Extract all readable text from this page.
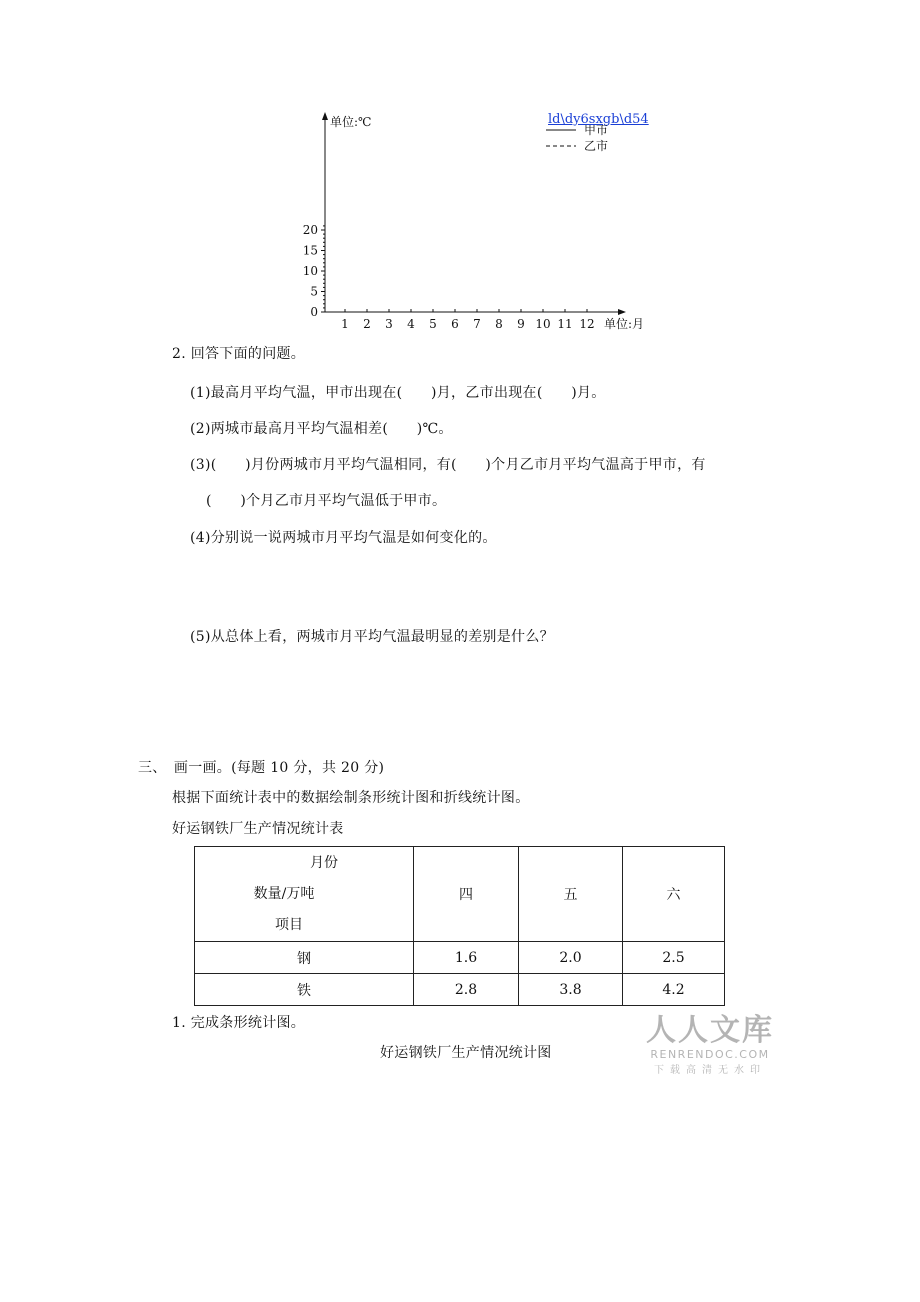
0
5
10
15
20
1 2 3 4 5 6 7 8 9 10 11 12
单位:℃
单位:月
甲市
乙市
ld\dy6sxgb\d54
2. 回答下面的问题。
(1)最高月平均气温，甲市出现在(　　)月，乙市出现在(　　)月。
(2)两城市最高月平均气温相差(　　)℃。
(3)(　　)月份两城市月平均气温相同，有(　　)个月乙市月平均气温高于甲市，有
(　　)个月乙市月平均气温低于甲市。
(4)分别说一说两城市月平均气温是如何变化的。
(5)从总体上看，两城市月平均气温最明显的差别是什么？
三、　画一画。(每题 10 分，共 20 分)
根据下面统计表中的数据绘制条形统计图和折线统计图。
好运钢铁厂生产情况统计表
月份
数量/万吨
项目	四	五	六
钢	1.6	2.0	2.5
铁	2.8	3.8	4.2
1. 完成条形统计图。
好运钢铁厂生产情况统计图
人人文库
RENRENDOC.COM
下载高清无水印
